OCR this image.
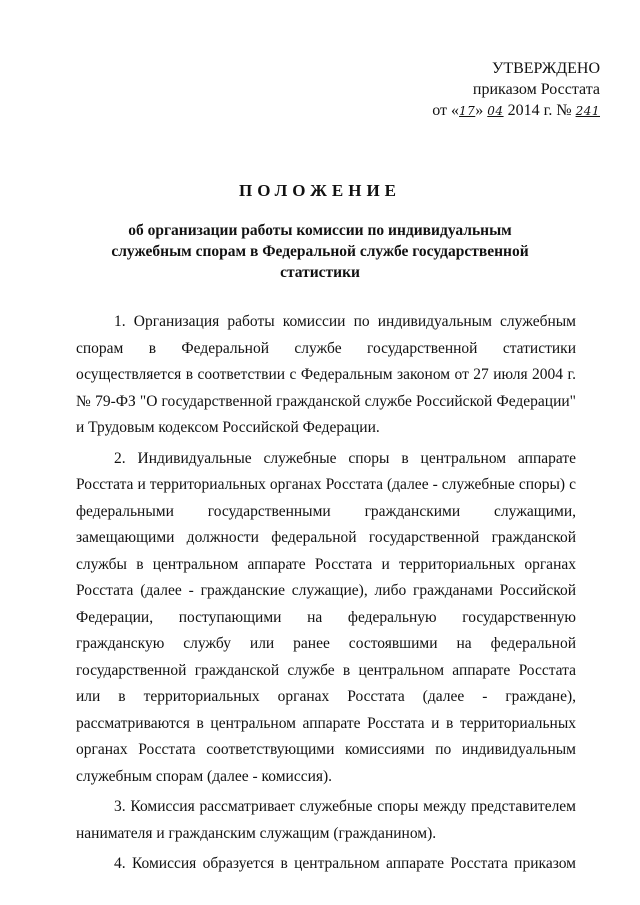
УТВЕРЖДЕНО
приказом Росстата
от «17» 04 2014 г. № 241
ПОЛОЖЕНИЕ
об организации работы комиссии по индивидуальным
служебным спорам в Федеральной службе государственной
статистики
1. Организация работы комиссии по индивидуальным служебным
спорам в Федеральной службе государственной статистики
осуществляется в соответствии с Федеральным законом от 27 июля 2004 г.
№ 79-ФЗ "О государственной гражданской службе Российской Федерации"
и Трудовым кодексом Российской Федерации.
2. Индивидуальные служебные споры в центральном аппарате
Росстата и территориальных органах Росстата (далее - служебные споры) с
федеральными государственными гражданскими служащими,
замещающими должности федеральной государственной гражданской
службы в центральном аппарате Росстата и территориальных органах
Росстата (далее - гражданские служащие), либо гражданами Российской
Федерации, поступающими на федеральную государственную
гражданскую службу или ранее состоявшими на федеральной
государственной гражданской службе в центральном аппарате Росстата
или в территориальных органах Росстата (далее - граждане),
рассматриваются в центральном аппарате Росстата и в территориальных
органах Росстата соответствующими комиссиями по индивидуальным
служебным спорам (далее - комиссия).
3. Комиссия рассматривает служебные споры между представителем
нанимателя и гражданским служащим (гражданином).
4. Комиссия образуется в центральном аппарате Росстата приказом
